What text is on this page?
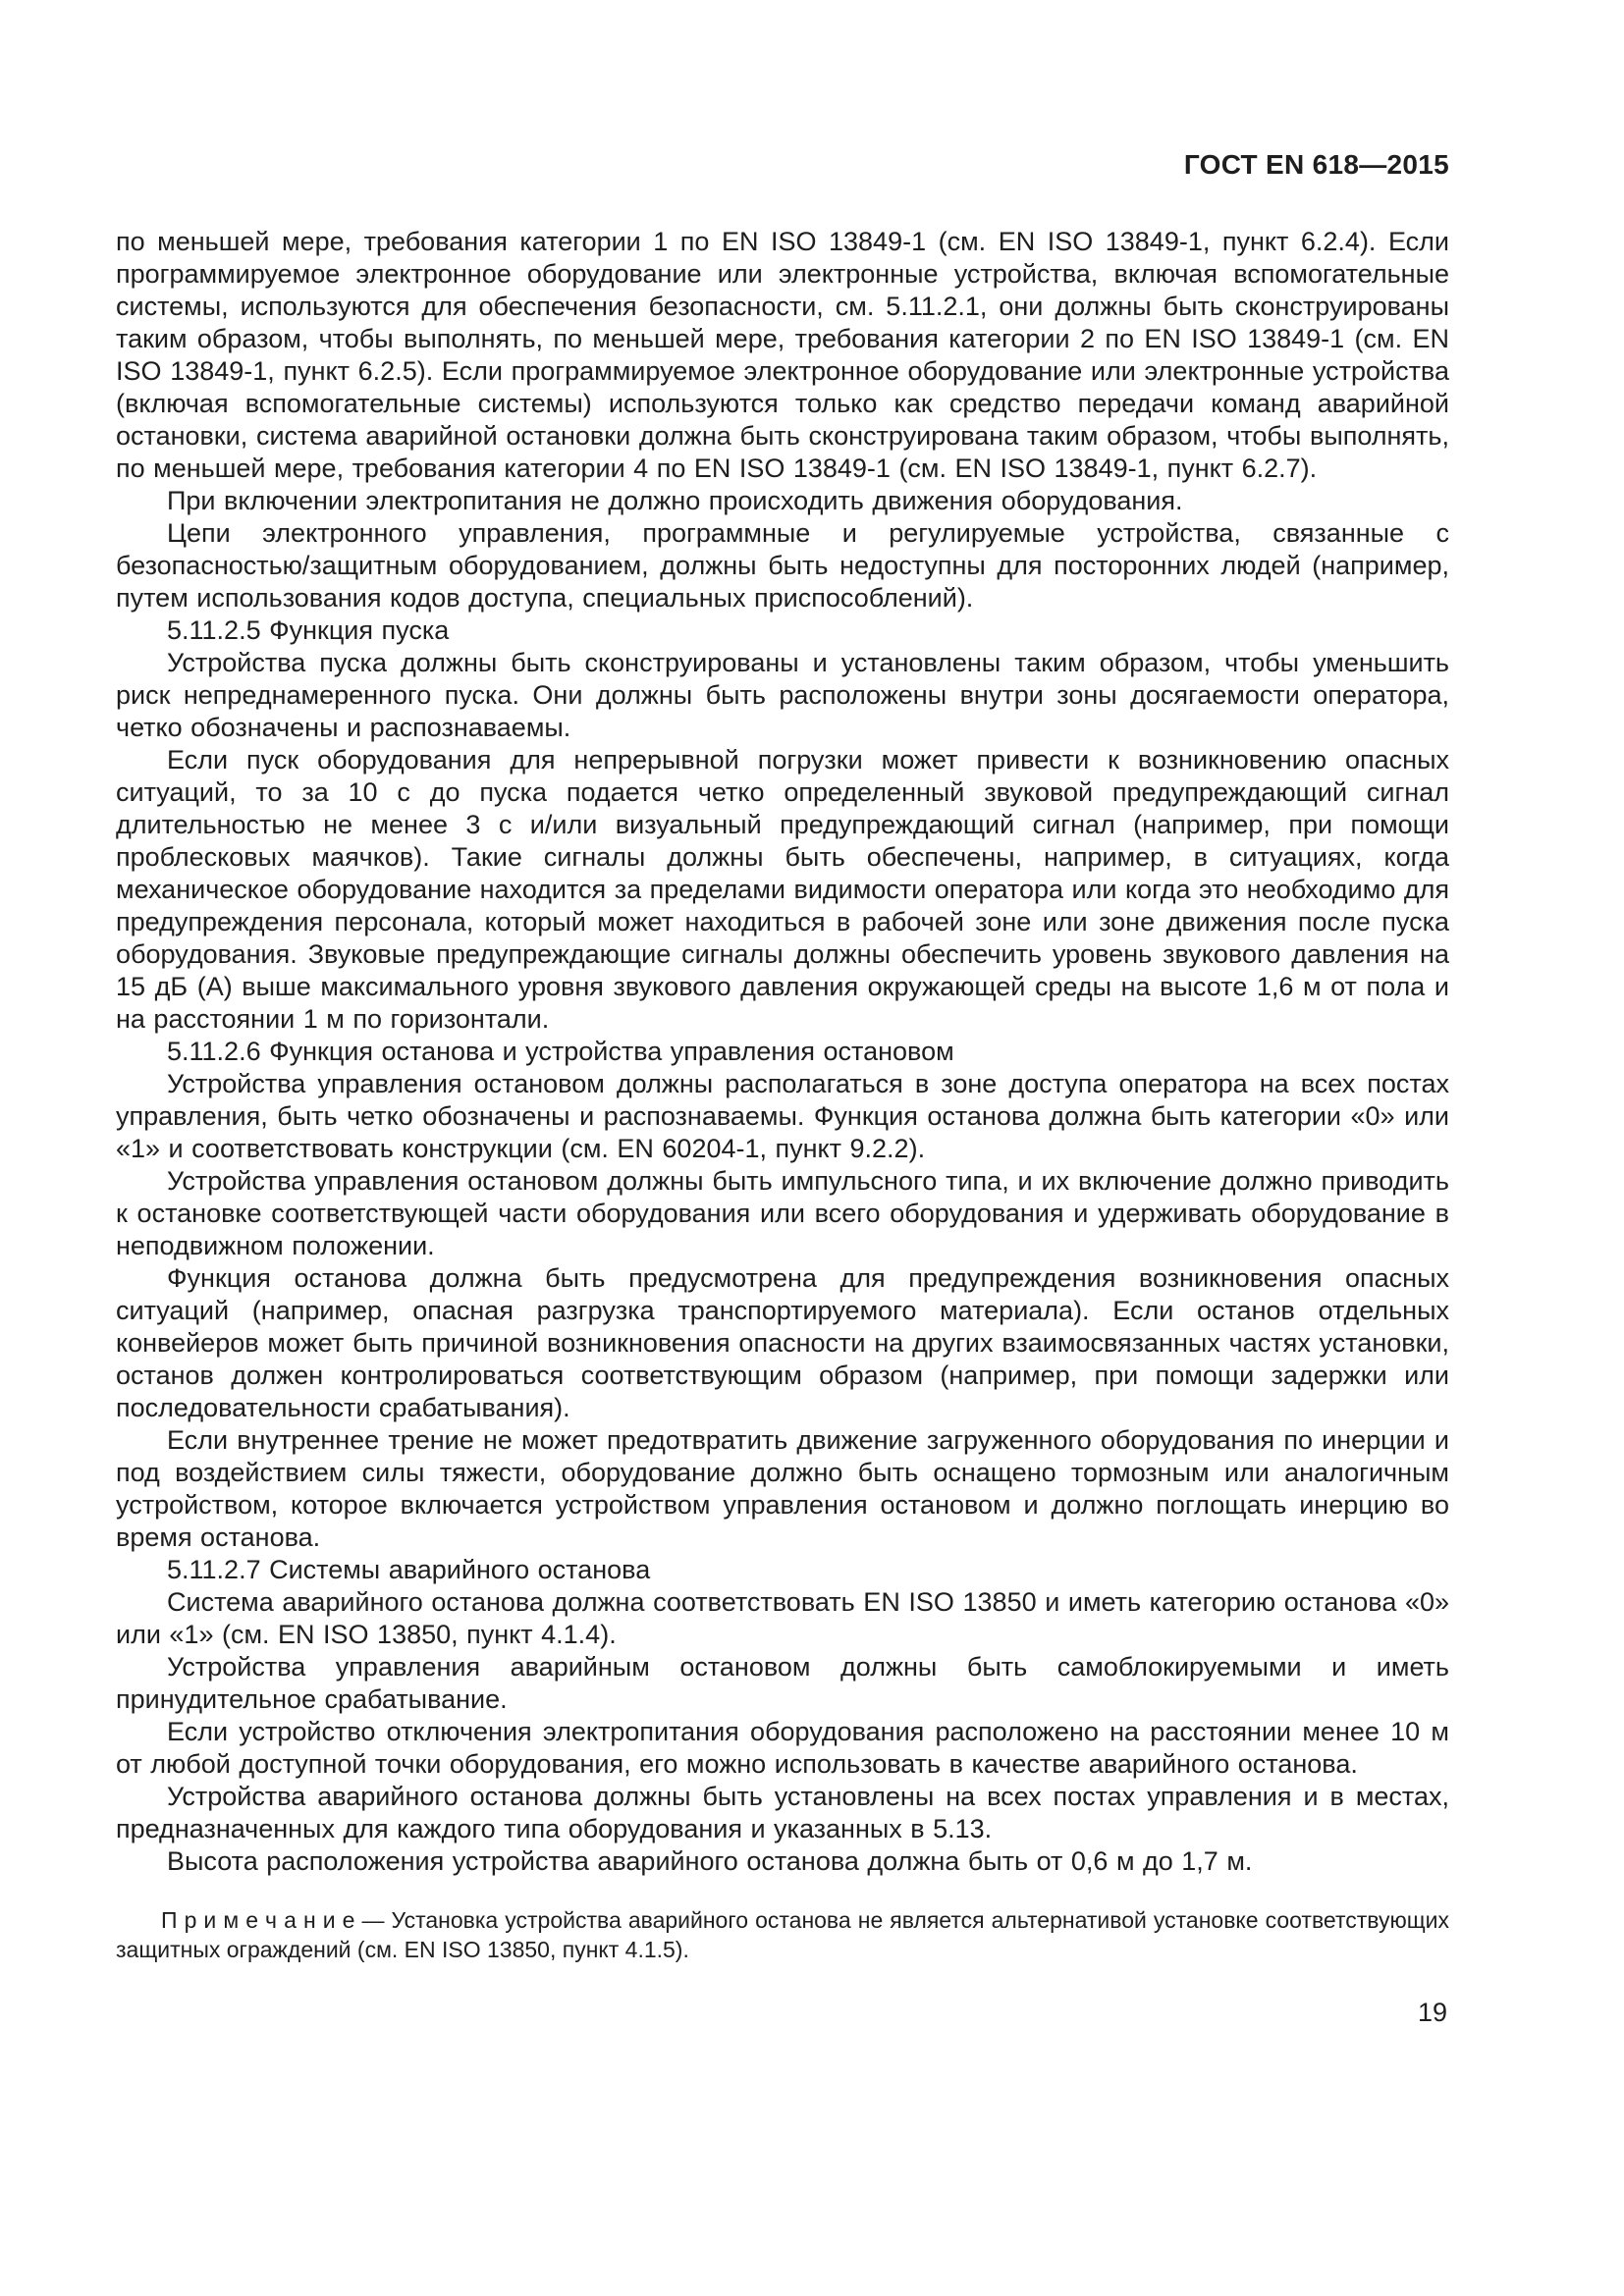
ГОСТ EN 618—2015

по меньшей мере, требования категории 1 по EN ISO 13849-1 (см. EN ISO 13849-1, пункт 6.2.4). Если программируемое электронное оборудование или электронные устройства, включая вспомогательные системы, используются для обеспечения безопасности, см. 5.11.2.1, они должны быть сконструированы таким образом, чтобы выполнять, по меньшей мере, требования категории 2 по EN ISO 13849-1 (см. EN ISO 13849-1, пункт 6.2.5). Если программируемое электронное оборудование или электронные устройства (включая вспомогательные системы) используются только как средство передачи команд аварийной остановки, система аварийной остановки должна быть сконструирована таким образом, чтобы выполнять, по меньшей мере, требования категории 4 по EN ISO 13849-1 (см. EN ISO 13849-1, пункт 6.2.7).

При включении электропитания не должно происходить движения оборудования.

Цепи электронного управления, программные и регулируемые устройства, связанные с безопасностью/защитным оборудованием, должны быть недоступны для посторонних людей (например, путем использования кодов доступа, специальных приспособлений).

5.11.2.5 Функция пуска

Устройства пуска должны быть сконструированы и установлены таким образом, чтобы уменьшить риск непреднамеренного пуска. Они должны быть расположены внутри зоны досягаемости оператора, четко обозначены и распознаваемы.

Если пуск оборудования для непрерывной погрузки может привести к возникновению опасных ситуаций, то за 10 с до пуска подается четко определенный звуковой предупреждающий сигнал длительностью не менее 3 с и/или визуальный предупреждающий сигнал (например, при помощи проблесковых маячков). Такие сигналы должны быть обеспечены, например, в ситуациях, когда механическое оборудование находится за пределами видимости оператора или когда это необходимо для предупреждения персонала, который может находиться в рабочей зоне или зоне движения после пуска оборудования. Звуковые предупреждающие сигналы должны обеспечить уровень звукового давления на 15 дБ (А) выше максимального уровня звукового давления окружающей среды на высоте 1,6 м от пола и на расстоянии 1 м по горизонтали.

5.11.2.6 Функция останова и устройства управления остановом

Устройства управления остановом должны располагаться в зоне доступа оператора на всех постах управления, быть четко обозначены и распознаваемы. Функция останова должна быть категории «0» или «1» и соответствовать конструкции (см. EN 60204-1, пункт 9.2.2).

Устройства управления остановом должны быть импульсного типа, и их включение должно приводить к остановке соответствующей части оборудования или всего оборудования и удерживать оборудование в неподвижном положении.

Функция останова должна быть предусмотрена для предупреждения возникновения опасных ситуаций (например, опасная разгрузка транспортируемого материала). Если останов отдельных конвейеров может быть причиной возникновения опасности на других взаимосвязанных частях установки, останов должен контролироваться соответствующим образом (например, при помощи задержки или последовательности срабатывания).

Если внутреннее трение не может предотвратить движение загруженного оборудования по инерции и под воздействием силы тяжести, оборудование должно быть оснащено тормозным или аналогичным устройством, которое включается устройством управления остановом и должно поглощать инерцию во время останова.

5.11.2.7 Системы аварийного останова

Система аварийного останова должна соответствовать EN ISO 13850 и иметь категорию останова «0» или «1» (см. EN ISO 13850, пункт 4.1.4).

Устройства управления аварийным остановом должны быть самоблокируемыми и иметь принудительное срабатывание.

Если устройство отключения электропитания оборудования расположено на расстоянии менее 10 м от любой доступной точки оборудования, его можно использовать в качестве аварийного останова.

Устройства аварийного останова должны быть установлены на всех постах управления и в местах, предназначенных для каждого типа оборудования и указанных в 5.13.

Высота расположения устройства аварийного останова должна быть от 0,6 м до 1,7 м.

П р и м е ч а н и е — Установка устройства аварийного останова не является альтернативой установке соответствующих защитных ограждений (см. EN ISO 13850, пункт 4.1.5).

19
